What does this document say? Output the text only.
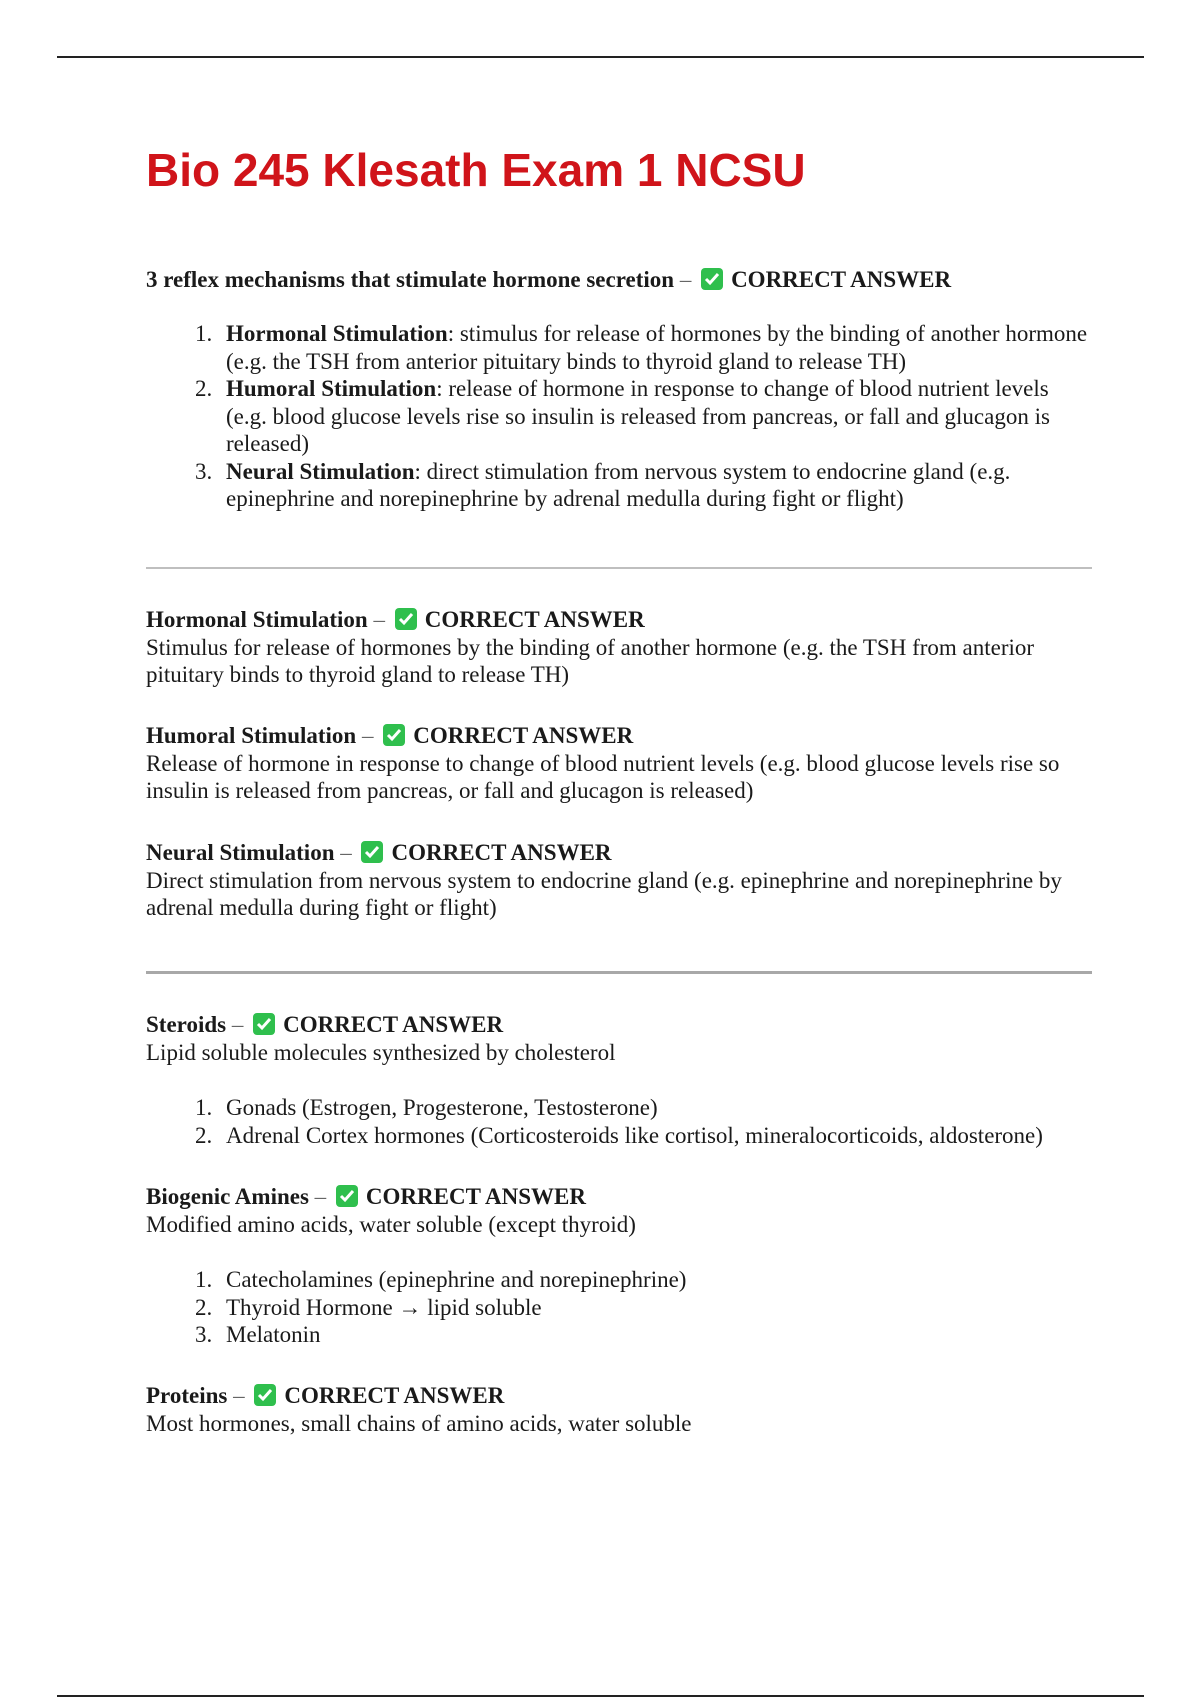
Bio 245 Klesath Exam 1 NCSU
3 reflex mechanisms that stimulate hormone secretion – CORRECT ANSWER
1. Hormonal Stimulation: stimulus for release of hormones by the binding of another hormone (e.g. the TSH from anterior pituitary binds to thyroid gland to release TH)
2. Humoral Stimulation: release of hormone in response to change of blood nutrient levels (e.g. blood glucose levels rise so insulin is released from pancreas, or fall and glucagon is released)
3. Neural Stimulation: direct stimulation from nervous system to endocrine gland (e.g. epinephrine and norepinephrine by adrenal medulla during fight or flight)
Hormonal Stimulation – CORRECT ANSWER

Stimulus for release of hormones by the binding of another hormone (e.g. the TSH from anterior pituitary binds to thyroid gland to release TH)

Humoral Stimulation – CORRECT ANSWER

Release of hormone in response to change of blood nutrient levels (e.g. blood glucose levels rise so insulin is released from pancreas, or fall and glucagon is released)

Neural Stimulation – CORRECT ANSWER

Direct stimulation from nervous system to endocrine gland (e.g. epinephrine and norepinephrine by adrenal medulla during fight or flight)

Steroids – CORRECT ANSWER

Lipid soluble molecules synthesized by cholesterol

1. Gonads (Estrogen, Progesterone, Testosterone)
2. Adrenal Cortex hormones (Corticosteroids like cortisol, mineralocorticoids, aldosterone)
Biogenic Amines – CORRECT ANSWER

Modified amino acids, water soluble (except thyroid)

1. Catecholamines (epinephrine and norepinephrine)
2. Thyroid Hormone → lipid soluble
3. Melatonin
Proteins – CORRECT ANSWER

Most hormones, small chains of amino acids, water soluble
